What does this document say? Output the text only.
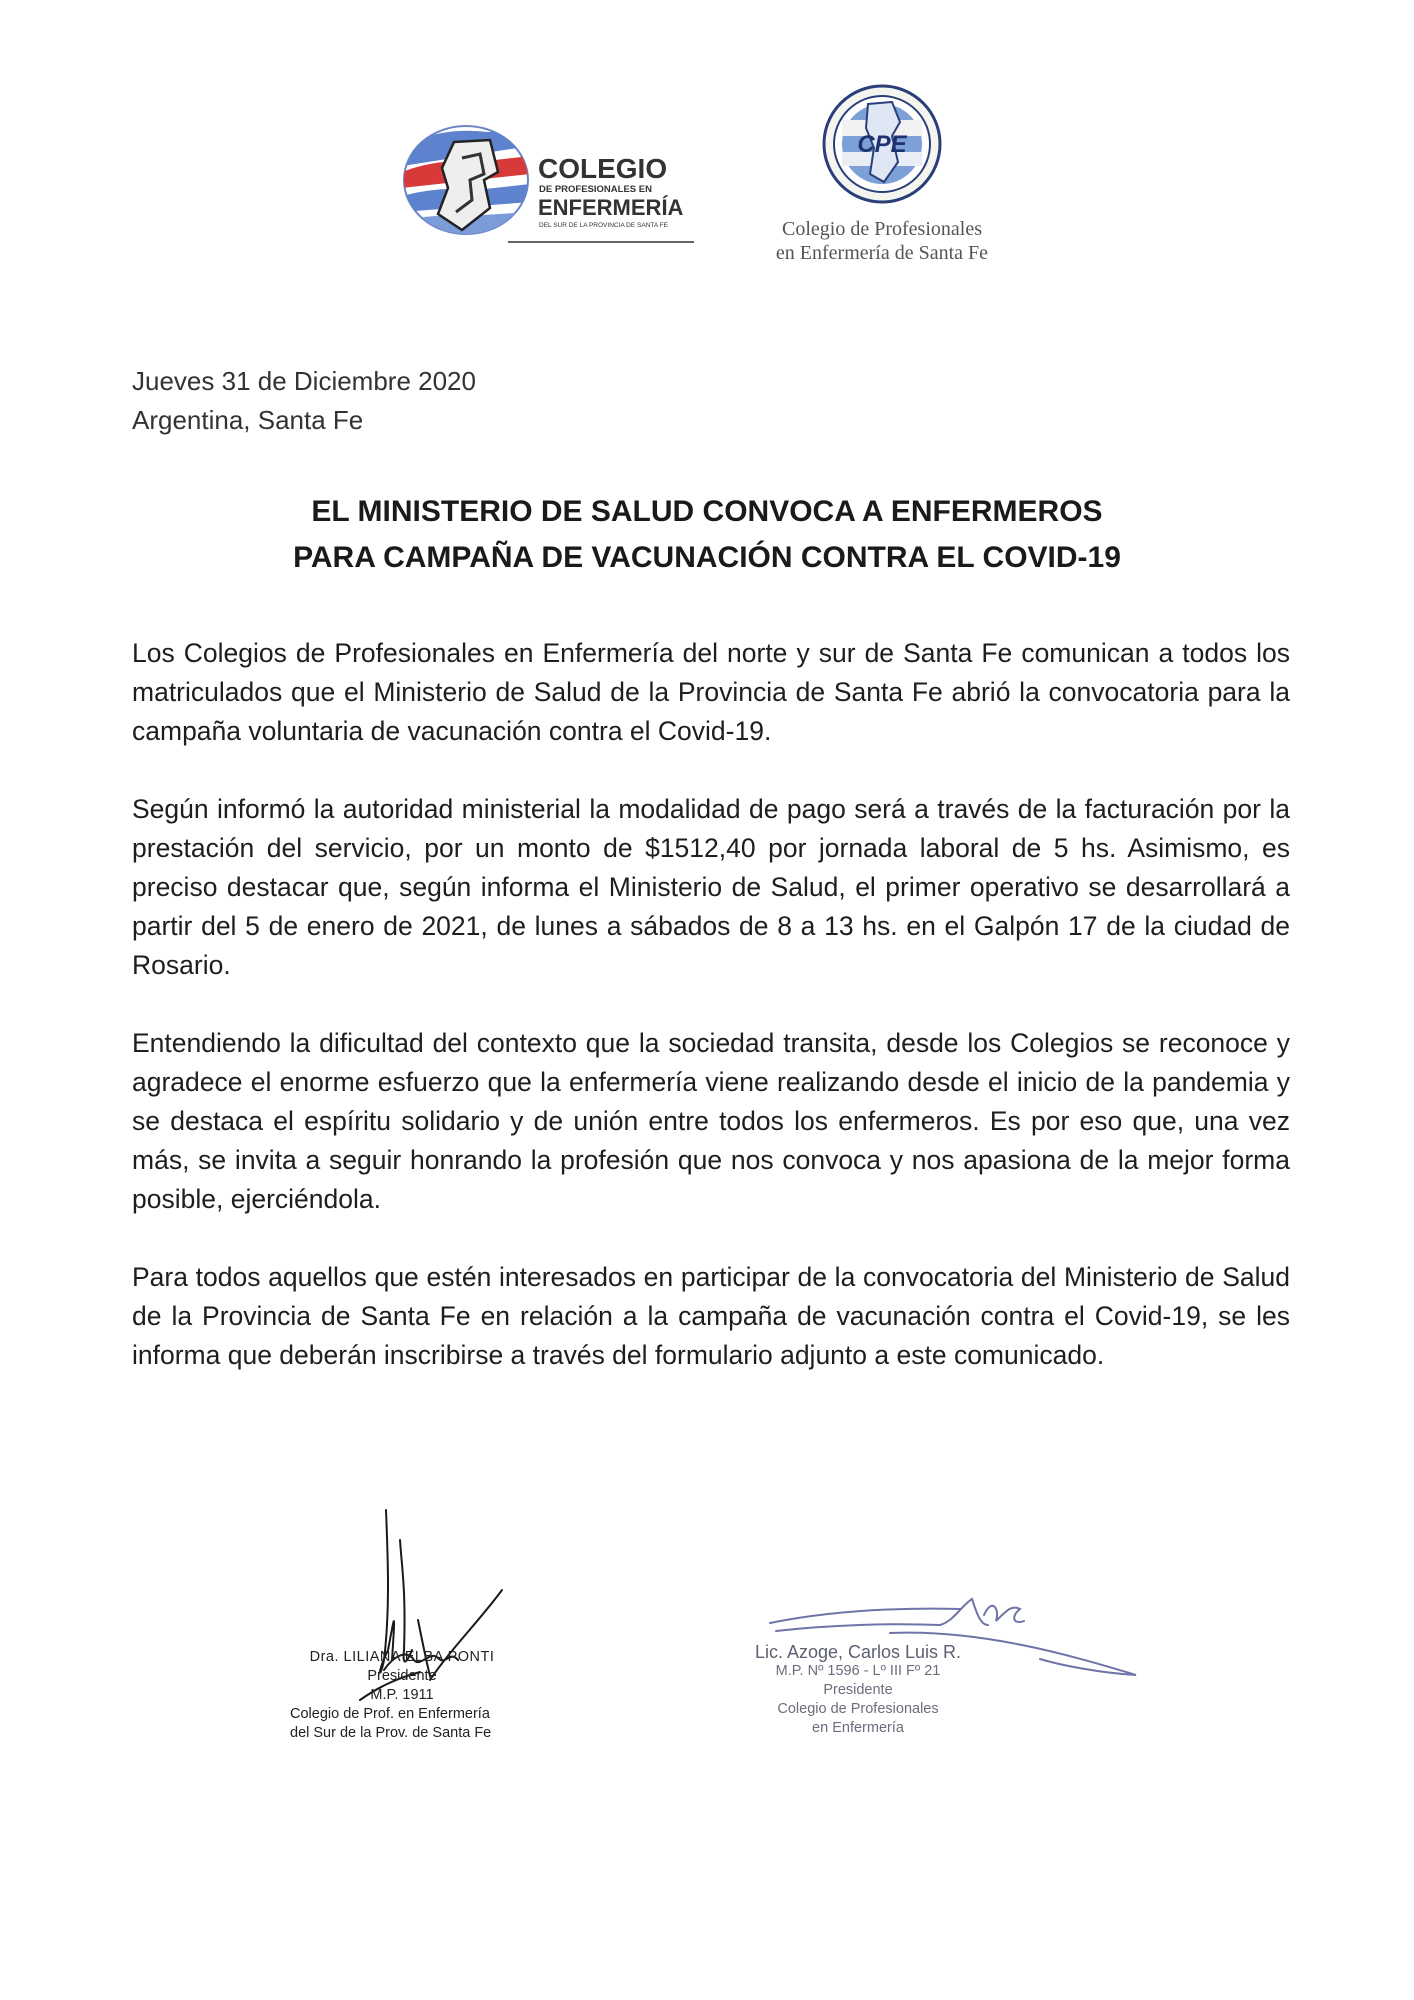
COLEGIO
DE PROFESIONALES EN
ENFERMERÍA
DEL SUR DE LA PROVINCIA DE SANTA FE
CPE
Colegio de Profesionales
en Enfermería de Santa Fe
Jueves 31 de Diciembre 2020
Argentina, Santa Fe
EL MINISTERIO DE SALUD CONVOCA A ENFERMEROS
PARA CAMPAÑA DE VACUNACIÓN CONTRA EL COVID-19
Los Colegios de Profesionales en Enfermería del norte y sur de Santa Fe comunican a todos los matriculados que el Ministerio de Salud de la Provincia de Santa Fe abrió la convocatoria para la campaña voluntaria de vacunación contra el Covid-19.
Según informó la autoridad ministerial la modalidad de pago será a través de la facturación por la prestación del servicio, por un monto de $1512,40 por jornada laboral de 5 hs. Asimismo, es preciso destacar que, según informa el Ministerio de Salud, el primer operativo se desarrollará a partir del 5 de enero de 2021, de lunes a sábados de 8 a 13 hs. en el Galpón 17 de la ciudad de Rosario.
Entendiendo la dificultad del contexto que la sociedad transita, desde los Colegios se reconoce y agradece el enorme esfuerzo que la enfermería viene realizando desde el inicio de la pandemia y se destaca el espíritu solidario y de unión entre todos los enfermeros. Es por eso que, una vez más, se invita a seguir honrando la profesión que nos convoca y nos apasiona de la mejor forma posible, ejerciéndola.
Para todos aquellos que estén interesados en participar de la convocatoria del Ministerio de Salud de la Provincia de Santa Fe en relación a la campaña de vacunación contra el Covid-19, se les informa que deberán inscribirse a través del formulario adjunto a este comunicado.
Dra. LILIANA ELBA PONTI
Presidente
M.P. 1911
Colegio de Prof. en Enfermería
del Sur de la Prov. de Santa Fe
Lic. Azoge, Carlos Luis R.
M.P. Nº 1596 - Lº III Fº 21
Presidente
Colegio de Profesionales
en Enfermería
